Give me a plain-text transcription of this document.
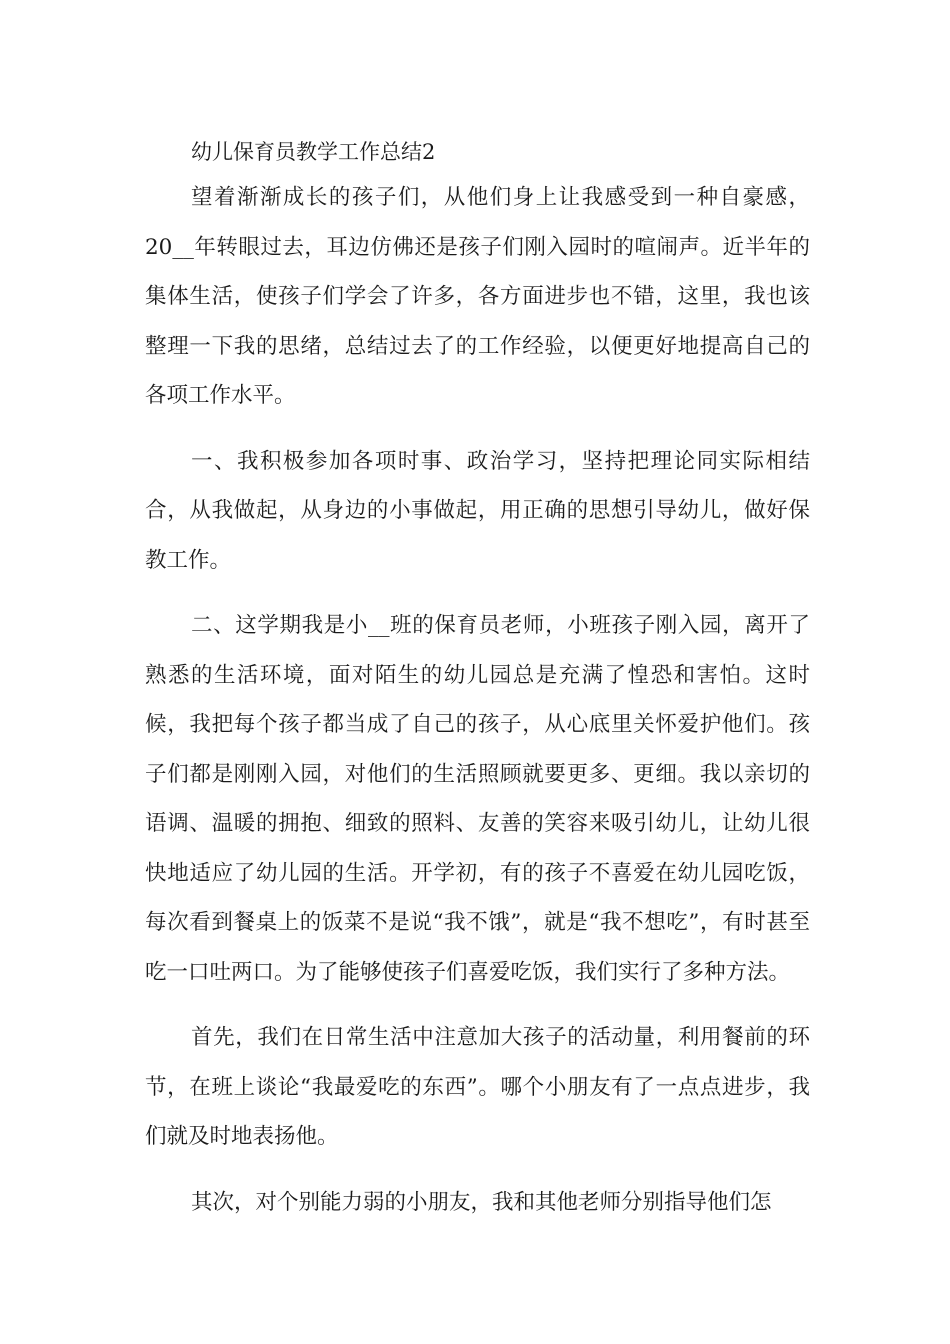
幼儿保育员教学工作总结2

望着渐渐成长的孩子们，从他们身上让我感受到一种自豪感，20__年转眼过去，耳边仿佛还是孩子们刚入园时的喧闹声。近半年的集体生活，使孩子们学会了许多，各方面进步也不错，这里，我也该整理一下我的思绪，总结过去了的工作经验，以便更好地提高自己的各项工作水平。

一、我积极参加各项时事、政治学习，坚持把理论同实际相结合，从我做起，从身边的小事做起，用正确的思想引导幼儿，做好保教工作。

二、这学期我是小__班的保育员老师，小班孩子刚入园，离开了熟悉的生活环境，面对陌生的幼儿园总是充满了惶恐和害怕。这时候，我把每个孩子都当成了自己的孩子，从心底里关怀爱护他们。孩子们都是刚刚入园，对他们的生活照顾就要更多、更细。我以亲切的语调、温暖的拥抱、细致的照料、友善的笑容来吸引幼儿，让幼儿很快地适应了幼儿园的生活。开学初，有的孩子不喜爱在幼儿园吃饭，每次看到餐桌上的饭菜不是说“我不饿”，就是“我不想吃”，有时甚至吃一口吐两口。为了能够使孩子们喜爱吃饭，我们实行了多种方法。

首先，我们在日常生活中注意加大孩子的活动量，利用餐前的环节，在班上谈论“我最爱吃的东西”。哪个小朋友有了一点点进步，我们就及时地表扬他。

其次，对个别能力弱的小朋友，我和其他老师分别指导他们怎
